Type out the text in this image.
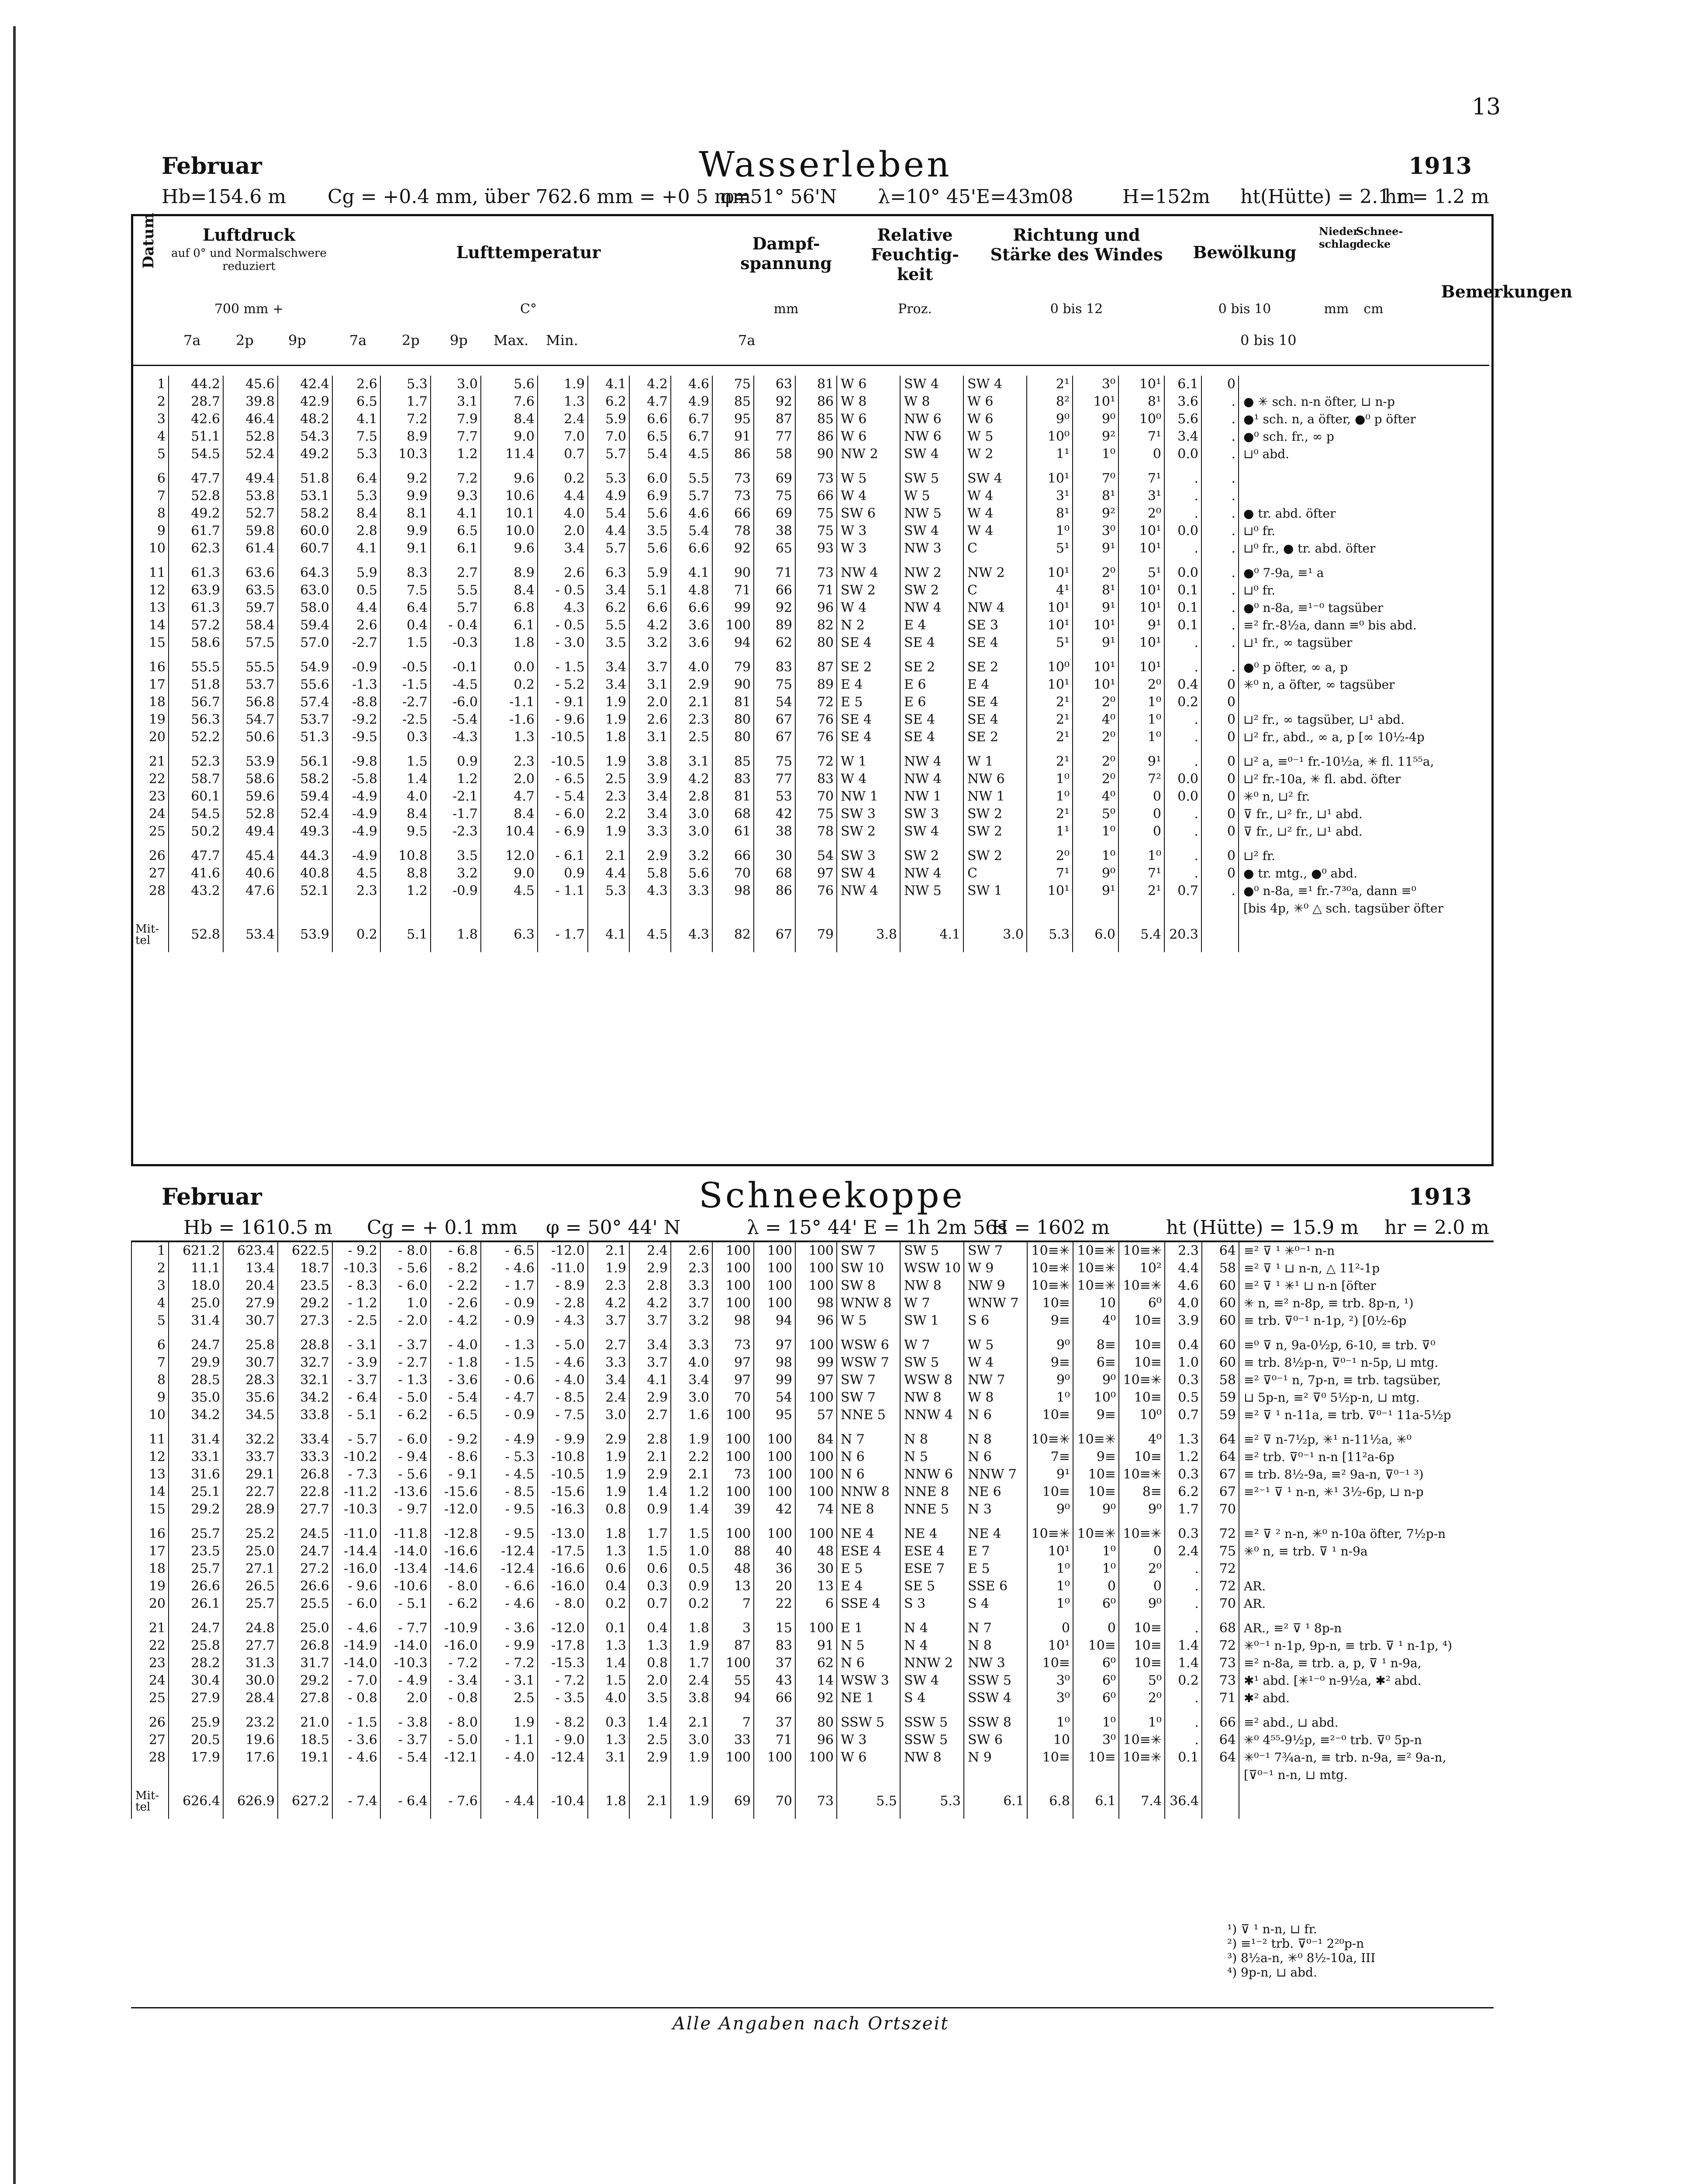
13
Februar	Wasserleben	1913
Hb=154.6 m Cg = +0.4 mm, über 762.6 mm = +0 5 mm
φ=51° 56'N λ=10° 45'E=43m08	H=152m ht(Hütte) = 2.1 m
hr = 1.2 m
Datum	Luftdruck
auf 0° und Normalschwere reduziert
700 mm +
Lufttemperatur
C°
Dampf- spannung
mm
Relative Feuchtig- keit
Proz.
Richtung und Stärke des Windes
0 bis 12
Bewölkung
0 bis 10
Nieder- schlag
mm
Schnee- decke
cm
Bemerkungen
7a	2p 9p	7a	2p 9p Max. Min.	7a	0 bis 10
1	44.2	45.6	42.4	2.6	5.3	3.0	5.6	1.9	4.1	4.2	4.6	75	63	81	W 6	SW 4	SW 4	2¹	3⁰	10¹	6.1	0	
2	28.7	39.8	42.9	6.5	1.7	3.1	7.6	1.3	6.2	4.7	4.9	85	92	86	W 8	W 8	W 6	8²	10¹	8¹	3.6	.	● ✳ sch. n-n öfter, ⊔ n-p
3	42.6	46.4	48.2	4.1	7.2	7.9	8.4	2.4	5.9	6.6	6.7	95	87	85	W 6	NW 6	W 6	9⁰	9⁰	10⁰	5.6	.	●¹ sch. n, a öfter, ●⁰ p öfter
4	51.1	52.8	54.3	7.5	8.9	7.7	9.0	7.0	7.0	6.5	6.7	91	77	86	W 6	NW 6	W 5	10⁰	9²	7¹	3.4	.	●⁰ sch. fr., ∞ p
5	54.5	52.4	49.2	5.3	10.3	1.2	11.4	0.7	5.7	5.4	4.5	86	58	90	NW 2	SW 4	W 2	1¹	1⁰	0	0.0	.	⊔⁰ abd.

6	47.7	49.4	51.8	6.4	9.2	7.2	9.6	0.2	5.3	6.0	5.5	73	69	73	W 5	SW 5	SW 4	10¹	7⁰	7¹	.	.	
7	52.8	53.8	53.1	5.3	9.9	9.3	10.6	4.4	4.9	6.9	5.7	73	75	66	W 4	W 5	W 4	3¹	8¹	3¹	.	.	
8	49.2	52.7	58.2	8.4	8.1	4.1	10.1	4.0	5.4	5.6	4.6	66	69	75	SW 6	NW 5	W 4	8¹	9²	2⁰	.	.	● tr. abd. öfter
9	61.7	59.8	60.0	2.8	9.9	6.5	10.0	2.0	4.4	3.5	5.4	78	38	75	W 3	SW 4	W 4	1⁰	3⁰	10¹	0.0	.	⊔⁰ fr.
10	62.3	61.4	60.7	4.1	9.1	6.1	9.6	3.4	5.7	5.6	6.6	92	65	93	W 3	NW 3	C	5¹	9¹	10¹	.	.	⊔⁰ fr., ● tr. abd. öfter

11	61.3	63.6	64.3	5.9	8.3	2.7	8.9	2.6	6.3	5.9	4.1	90	71	73	NW 4	NW 2	NW 2	10¹	2⁰	5¹	0.0	.	●⁰ 7-9a, ≡¹ a
12	63.9	63.5	63.0	0.5	7.5	5.5	8.4	- 0.5	3.4	5.1	4.8	71	66	71	SW 2	SW 2	C	4¹	8¹	10¹	0.1	.	⊔⁰ fr.
13	61.3	59.7	58.0	4.4	6.4	5.7	6.8	4.3	6.2	6.6	6.6	99	92	96	W 4	NW 4	NW 4	10¹	9¹	10¹	0.1	.	●⁰ n-8a, ≡¹⁻⁰ tagsüber
14	57.2	58.4	59.4	2.6	0.4	- 0.4	6.1	- 0.5	5.5	4.2	3.6	100	89	82	N 2	E 4	SE 3	10¹	10¹	9¹	0.1	.	≡² fr.-8½a, dann ≡⁰ bis abd.
15	58.6	57.5	57.0	-2.7	1.5	-0.3	1.8	- 3.0	3.5	3.2	3.6	94	62	80	SE 4	SE 4	SE 4	5¹	9¹	10¹	.	.	⊔¹ fr., ∞ tagsüber

16	55.5	55.5	54.9	-0.9	-0.5	-0.1	0.0	- 1.5	3.4	3.7	4.0	79	83	87	SE 2	SE 2	SE 2	10⁰	10¹	10¹	.	.	●⁰ p öfter, ∞ a, p
17	51.8	53.7	55.6	-1.3	-1.5	-4.5	0.2	- 5.2	3.4	3.1	2.9	90	75	89	E 4	E 6	E 4	10¹	10¹	2⁰	0.4	0	✳⁰ n, a öfter, ∞ tagsüber
18	56.7	56.8	57.4	-8.8	-2.7	-6.0	-1.1	- 9.1	1.9	2.0	2.1	81	54	72	E 5	E 6	SE 4	2¹	2⁰	1⁰	0.2	0	
19	56.3	54.7	53.7	-9.2	-2.5	-5.4	-1.6	- 9.6	1.9	2.6	2.3	80	67	76	SE 4	SE 4	SE 4	2¹	4⁰	1⁰	.	0	⊔² fr., ∞ tagsüber, ⊔¹ abd.
20	52.2	50.6	51.3	-9.5	0.3	-4.3	1.3	-10.5	1.8	3.1	2.5	80	67	76	SE 4	SE 4	SE 2	2¹	2⁰	1⁰	.	0	⊔² fr., abd., ∞ a, p [∞ 10½-4p

21	52.3	53.9	56.1	-9.8	1.5	0.9	2.3	-10.5	1.9	3.8	3.1	85	75	72	W 1	NW 4	W 1	2¹	2⁰	9¹	.	0	⊔² a, ≡⁰⁻¹ fr.-10½a, ✳ fl. 11⁵⁵a,
22	58.7	58.6	58.2	-5.8	1.4	1.2	2.0	- 6.5	2.5	3.9	4.2	83	77	83	W 4	NW 4	NW 6	1⁰	2⁰	7²	0.0	0	⊔² fr.-10a, ✳ fl. abd. öfter
23	60.1	59.6	59.4	-4.9	4.0	-2.1	4.7	- 5.4	2.3	3.4	2.8	81	53	70	NW 1	NW 1	NW 1	1⁰	4⁰	0	0.0	0	✳⁰ n, ⊔² fr.
24	54.5	52.8	52.4	-4.9	8.4	-1.7	8.4	- 6.0	2.2	3.4	3.0	68	42	75	SW 3	SW 3	SW 2	2¹	5⁰	0	.	0	⊽ fr., ⊔² fr., ⊔¹ abd.
25	50.2	49.4	49.3	-4.9	9.5	-2.3	10.4	- 6.9	1.9	3.3	3.0	61	38	78	SW 2	SW 4	SW 2	1¹	1⁰	0	.	0	⊽ fr., ⊔² fr., ⊔¹ abd.

26	47.7	45.4	44.3	-4.9	10.8	3.5	12.0	- 6.1	2.1	2.9	3.2	66	30	54	SW 3	SW 2	SW 2	2⁰	1⁰	1⁰	.	0	⊔² fr.
27	41.6	40.6	40.8	4.5	8.8	3.2	9.0	0.9	4.4	5.8	5.6	70	68	97	SW 4	NW 4	C	7¹	9⁰	7¹	.	0	● tr. mtg., ●⁰ abd.
28	43.2	47.6	52.1	2.3	1.2	-0.9	4.5	- 1.1	5.3	4.3	3.3	98	86	76	NW 4	NW 5	SW 1	10¹	9¹	2¹	0.7	.	●⁰ n-8a, ≡¹ fr.-7³⁰a, dann ≡⁰
																							[bis 4p, ✳⁰ △ sch. tagsüber öfter
Mit-tel	52.8	53.4	53.9	0.2	5.1	1.8	6.3	- 1.7	4.1	4.5	4.3	82	67	79	3.8	4.1	3.0	5.3	6.0	5.4	20.3		
Februar	Schneekoppe	1913
Hb = 1610.5 m Cg = + 0.1 mm φ = 50° 44' N	λ = 15° 44' E = 1h 2m 56s
H = 1602 m	ht (Hütte) = 15.9 m hr = 2.0 m
1	621.2	623.4	622.5	- 9.2	- 8.0	- 6.8	- 6.5	-12.0	2.1	2.4	2.6	100	100	100	SW 7	SW 5	SW 7	10≡✳	10≡✳	10≡✳	2.3	64	≡² ⊽ ¹ ✳⁰⁻¹ n-n
2	11.1	13.4	18.7	-10.3	- 5.6	- 8.2	- 4.6	-11.0	1.9	2.9	2.3	100	100	100	SW 10	WSW 10	W 9	10≡✳	10≡✳	10²	4.4	58	≡² ⊽ ¹ ⊔ n-n, △ 11²-1p
3	18.0	20.4	23.5	- 8.3	- 6.0	- 2.2	- 1.7	- 8.9	2.3	2.8	3.3	100	100	100	SW 8	NW 8	NW 9	10≡✳	10≡✳	10≡✳	4.6	60	≡² ⊽ ¹ ✳¹ ⊔ n-n [öfter
4	25.0	27.9	29.2	- 1.2	1.0	- 2.6	- 0.9	- 2.8	4.2	4.2	3.7	100	100	98	WNW 8	W 7	WNW 7	10≡	10	6⁰	4.0	60	✳ n, ≡² n-8p, ≡ trb. 8p-n, ¹)
5	31.4	30.7	27.3	- 2.5	- 2.0	- 4.2	- 0.9	- 4.3	3.7	3.7	3.2	98	94	96	W 5	SW 1	S 6	9≡	4⁰	10≡	3.9	60	≡ trb. ⊽⁰⁻¹ n-1p, ²) [0½-6p

6	24.7	25.8	28.8	- 3.1	- 3.7	- 4.0	- 1.3	- 5.0	2.7	3.4	3.3	73	97	100	WSW 6	W 7	W 5	9⁰	8≡	10≡	0.4	60	≡⁰ ⊽ n, 9a-0½p, 6-10, ≡ trb. ⊽⁰
7	29.9	30.7	32.7	- 3.9	- 2.7	- 1.8	- 1.5	- 4.6	3.3	3.7	4.0	97	98	99	WSW 7	SW 5	W 4	9≡	6≡	10≡	1.0	60	≡ trb. 8½p-n, ⊽⁰⁻¹ n-5p, ⊔ mtg.
8	28.5	28.3	32.1	- 3.7	- 1.3	- 3.6	- 0.6	- 4.0	3.4	4.1	3.4	97	99	97	SW 7	WSW 8	NW 7	9⁰	9⁰	10≡✳	0.3	58	≡² ⊽⁰⁻¹ n, 7p-n, ≡ trb. tagsüber,
9	35.0	35.6	34.2	- 6.4	- 5.0	- 5.4	- 4.7	- 8.5	2.4	2.9	3.0	70	54	100	SW 7	NW 8	W 8	1⁰	10⁰	10≡	0.5	59	⊔ 5p-n, ≡² ⊽⁰ 5½p-n, ⊔ mtg.
10	34.2	34.5	33.8	- 5.1	- 6.2	- 6.5	- 0.9	- 7.5	3.0	2.7	1.6	100	95	57	NNE 5	NNW 4	N 6	10≡	9≡	10⁰	0.7	59	≡² ⊽ ¹ n-11a, ≡ trb. ⊽⁰⁻¹ 11a-5½p

11	31.4	32.2	33.4	- 5.7	- 6.0	- 9.2	- 4.9	- 9.9	2.9	2.8	1.9	100	100	84	N 7	N 8	N 8	10≡✳	10≡✳	4⁰	1.3	64	≡² ⊽ n-7½p, ✳¹ n-11½a, ✳⁰
12	33.1	33.7	33.3	-10.2	- 9.4	- 8.6	- 5.3	-10.8	1.9	2.1	2.2	100	100	100	N 6	N 5	N 6	7≡	9≡	10≡	1.2	64	≡² trb. ⊽⁰⁻¹ n-n [11²a-6p
13	31.6	29.1	26.8	- 7.3	- 5.6	- 9.1	- 4.5	-10.5	1.9	2.9	2.1	73	100	100	N 6	NNW 6	NNW 7	9¹	10≡	10≡✳	0.3	67	≡ trb. 8½-9a, ≡² 9a-n, ⊽⁰⁻¹ ³)
14	25.1	22.7	22.8	-11.2	-13.6	-15.6	- 8.5	-15.6	1.9	1.4	1.2	100	100	100	NNW 8	NNE 8	NE 6	10≡	10≡	8≡	6.2	67	≡²⁻¹ ⊽ ¹ n-n, ✳¹ 3½-6p, ⊔ n-p
15	29.2	28.9	27.7	-10.3	- 9.7	-12.0	- 9.5	-16.3	0.8	0.9	1.4	39	42	74	NE 8	NNE 5	N 3	9⁰	9⁰	9⁰	1.7	70	

16	25.7	25.2	24.5	-11.0	-11.8	-12.8	- 9.5	-13.0	1.8	1.7	1.5	100	100	100	NE 4	NE 4	NE 4	10≡✳	10≡✳	10≡✳	0.3	72	≡² ⊽ ² n-n, ✳⁰ n-10a öfter, 7½p-n
17	23.5	25.0	24.7	-14.4	-14.0	-16.6	-12.4	-17.5	1.3	1.5	1.0	88	40	48	ESE 4	ESE 4	E 7	10¹	1⁰	0	2.4	75	✳⁰ n, ≡ trb. ⊽ ¹ n-9a
18	25.7	27.1	27.2	-16.0	-13.4	-14.6	-12.4	-16.6	0.6	0.6	0.5	48	36	30	E 5	ESE 7	E 5	1⁰	1⁰	2⁰	.	72	
19	26.6	26.5	26.6	- 9.6	-10.6	- 8.0	- 6.6	-16.0	0.4	0.3	0.9	13	20	13	E 4	SE 5	SSE 6	1⁰	0	0	.	72	AR.
20	26.1	25.7	25.5	- 6.0	- 5.1	- 6.2	- 4.6	- 8.0	0.2	0.7	0.2	7	22	6	SSE 4	S 3	S 4	1⁰	6⁰	9⁰	.	70	AR.

21	24.7	24.8	25.0	- 4.6	- 7.7	-10.9	- 3.6	-12.0	0.1	0.4	1.8	3	15	100	E 1	N 4	N 7	0	0	10≡	.	68	AR., ≡² ⊽ ¹ 8p-n
22	25.8	27.7	26.8	-14.9	-14.0	-16.0	- 9.9	-17.8	1.3	1.3	1.9	87	83	91	N 5	N 4	N 8	10¹	10≡	10≡	1.4	72	✳⁰⁻¹ n-1p, 9p-n, ≡ trb. ⊽ ¹ n-1p, ⁴)
23	28.2	31.3	31.7	-14.0	-10.3	- 7.2	- 7.2	-15.3	1.4	0.8	1.7	100	37	62	N 6	NNW 2	NW 3	10≡	6⁰	10≡	1.4	73	≡² n-8a, ≡ trb. a, p, ⊽ ¹ n-9a,
24	30.4	30.0	29.2	- 7.0	- 4.9	- 3.4	- 3.1	- 7.2	1.5	2.0	2.4	55	43	14	WSW 3	SW 4	SSW 5	3⁰	6⁰	5⁰	0.2	73	✱¹ abd. [✳¹⁻⁰ n-9½a, ✱² abd.
25	27.9	28.4	27.8	- 0.8	2.0	- 0.8	2.5	- 3.5	4.0	3.5	3.8	94	66	92	NE 1	S 4	SSW 4	3⁰	6⁰	2⁰	.	71	✱² abd.

26	25.9	23.2	21.0	- 1.5	- 3.8	- 8.0	1.9	- 8.2	0.3	1.4	2.1	7	37	80	SSW 5	SSW 5	SSW 8	1⁰	1⁰	1⁰	.	66	≡² abd., ⊔ abd.
27	20.5	19.6	18.5	- 3.6	- 3.7	- 5.0	- 1.1	- 9.0	1.3	2.5	3.0	33	71	96	W 3	SSW 5	SW 6	10	3⁰	10≡✳	.	64	✳⁰ 4⁵⁵-9½p, ≡²⁻⁰ trb. ⊽⁰ 5p-n
28	17.9	17.6	19.1	- 4.6	- 5.4	-12.1	- 4.0	-12.4	3.1	2.9	1.9	100	100	100	W 6	NW 8	N 9	10≡	10≡	10≡✳	0.1	64	✳⁰⁻¹ 7¾a-n, ≡ trb. n-9a, ≡² 9a-n,
																							[⊽⁰⁻¹ n-n, ⊔ mtg.
Mit-tel	626.4	626.9	627.2	- 7.4	- 6.4	- 7.6	- 4.4	-10.4	1.8	2.1	1.9	69	70	73	5.5	5.3	6.1	6.8	6.1	7.4	36.4		
¹) ⊽ ¹ n-n, ⊔ fr.
²) ≡¹⁻² trb. ⊽⁰⁻¹ 2²⁰p-n
³) 8½a-n, ✳⁰ 8½-10a, III
⁴) 9p-n, ⊔ abd.
Alle Angaben nach Ortszeit
